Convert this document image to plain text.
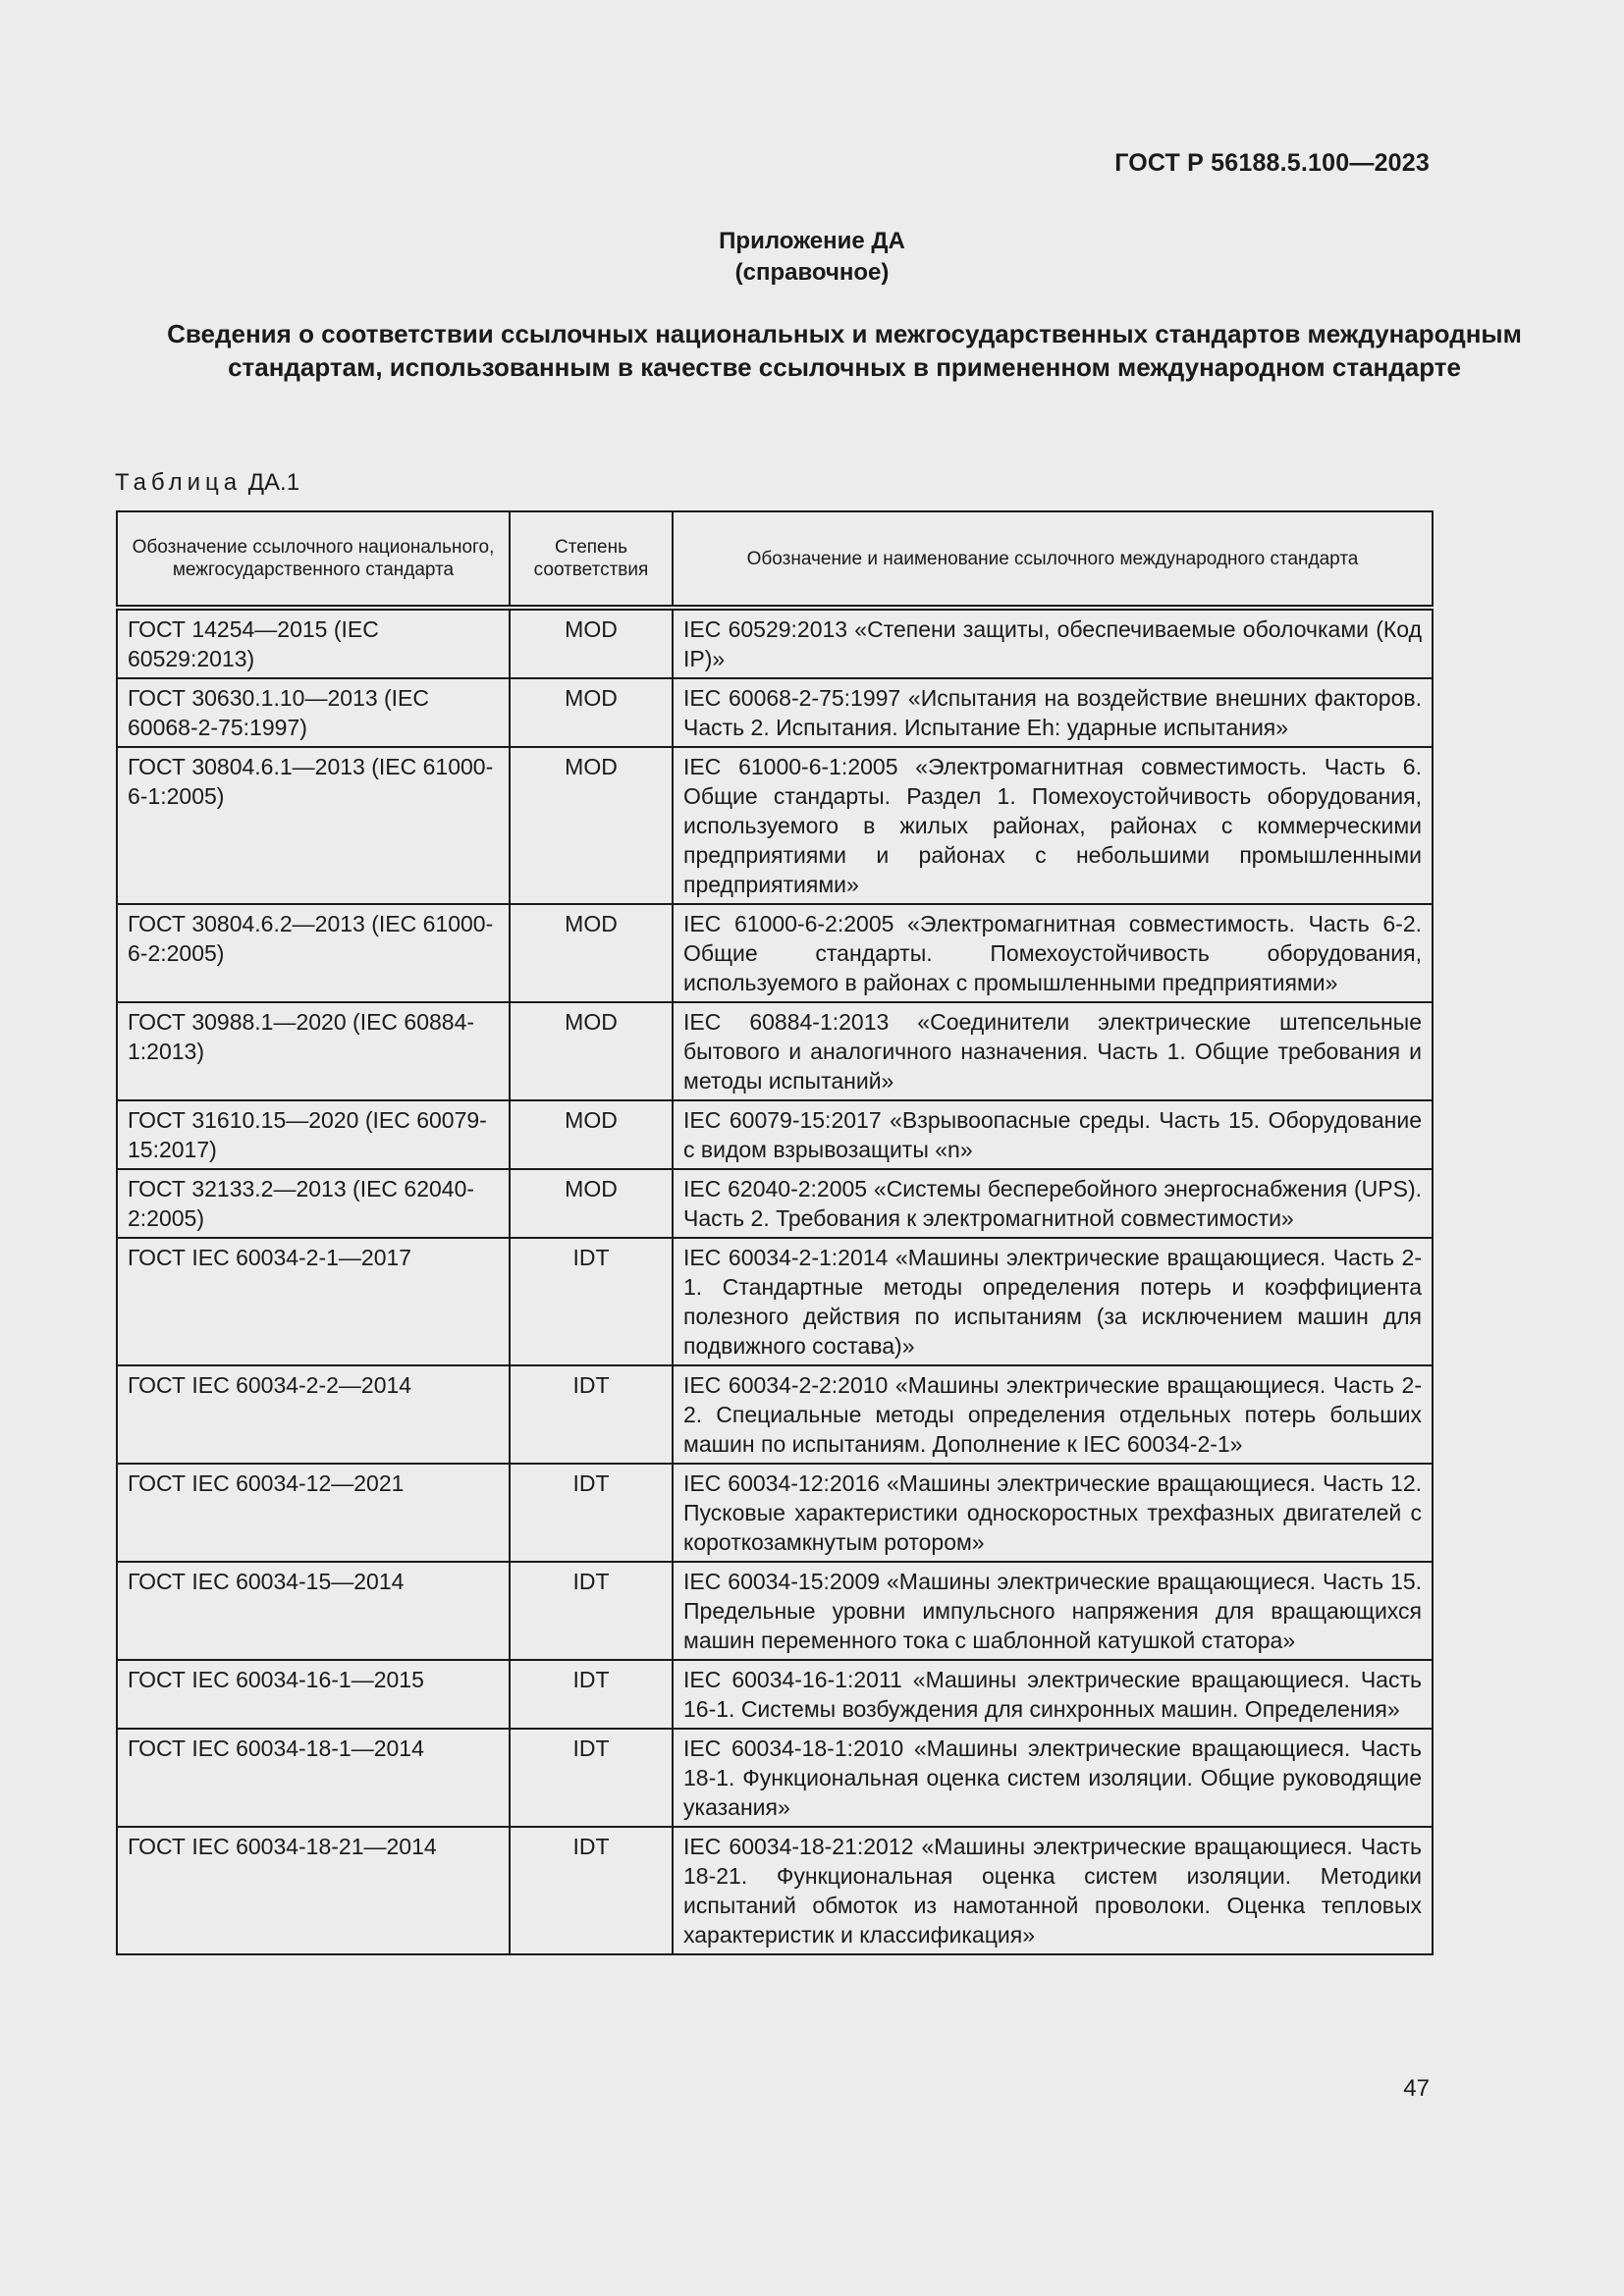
ГОСТ Р 56188.5.100—2023
Приложение ДА
(справочное)
Сведения о соответствии ссылочных национальных и межгосударственных стандартов международным стандартам, использованным в качестве ссылочных в примененном международном стандарте
Таблица ДА.1
Обозначение ссылочного национального, межгосударственного стандарта	Степень соответствия	Обозначение и наименование ссылочного международного стандарта
ГОСТ 14254—2015 (IEC 60529:2013)	MOD	IEC 60529:2013 «Степени защиты, обеспечиваемые оболочками (Код IP)»
ГОСТ 30630.1.10—2013 (IEC 60068-2-75:1997)	MOD	IEC 60068-2-75:1997 «Испытания на воздействие внешних факторов. Часть 2. Испытания. Испытание Eh: ударные испытания»
ГОСТ 30804.6.1—2013 (IEC 61000-6-1:2005)	MOD	IEC 61000-6-1:2005 «Электромагнитная совместимость. Часть 6. Общие стандарты. Раздел 1. Помехоустойчивость оборудования, используемого в жилых районах, районах с коммерческими предприятиями и районах с небольшими промышленными предприятиями»
ГОСТ 30804.6.2—2013 (IEC 61000-6-2:2005)	MOD	IEC 61000-6-2:2005 «Электромагнитная совместимость. Часть 6-2. Общие стандарты. Помехоустойчивость оборудования, используемого в районах с промышленными предприятиями»
ГОСТ 30988.1—2020 (IEC 60884-1:2013)	MOD	IEC 60884-1:2013 «Соединители электрические штепсельные бытового и аналогичного назначения. Часть 1. Общие требования и методы испытаний»
ГОСТ 31610.15—2020 (IEC 60079-15:2017)	MOD	IEC 60079-15:2017 «Взрывоопасные среды. Часть 15. Оборудование с видом взрывозащиты «n»
ГОСТ 32133.2—2013 (IEC 62040-2:2005)	MOD	IEC 62040-2:2005 «Системы бесперебойного энергоснабжения (UPS). Часть 2. Требования к электромагнитной совместимости»
ГОСТ IEC 60034-2-1—2017	IDT	IEC 60034-2-1:2014 «Машины электрические вращающиеся. Часть 2-1. Стандартные методы определения потерь и коэффициента полезного действия по испытаниям (за исключением машин для подвижного состава)»
ГОСТ IEC 60034-2-2—2014	IDT	IEC 60034-2-2:2010 «Машины электрические вращающиеся. Часть 2-2. Специальные методы определения отдельных потерь больших машин по испытаниям. Дополнение к IEC 60034-2-1»
ГОСТ IEC 60034-12—2021	IDT	IEC 60034-12:2016 «Машины электрические вращающиеся. Часть 12. Пусковые характеристики односкоростных трехфазных двигателей с короткозамкнутым ротором»
ГОСТ IEC 60034-15—2014	IDT	IEC 60034-15:2009 «Машины электрические вращающиеся. Часть 15. Предельные уровни импульсного напряжения для вращающихся машин переменного тока с шаблонной катушкой статора»
ГОСТ IEC 60034-16-1—2015	IDT	IEC 60034-16-1:2011 «Машины электрические вращающиеся. Часть 16-1. Системы возбуждения для синхронных машин. Определения»
ГОСТ IEC 60034-18-1—2014	IDT	IEC 60034-18-1:2010 «Машины электрические вращающиеся. Часть 18-1. Функциональная оценка систем изоляции. Общие руководящие указания»
ГОСТ IEC 60034-18-21—2014	IDT	IEC 60034-18-21:2012 «Машины электрические вращающиеся. Часть 18-21. Функциональная оценка систем изоляции. Методики испытаний обмоток из намотанной проволоки. Оценка тепловых характеристик и классификация»
47
